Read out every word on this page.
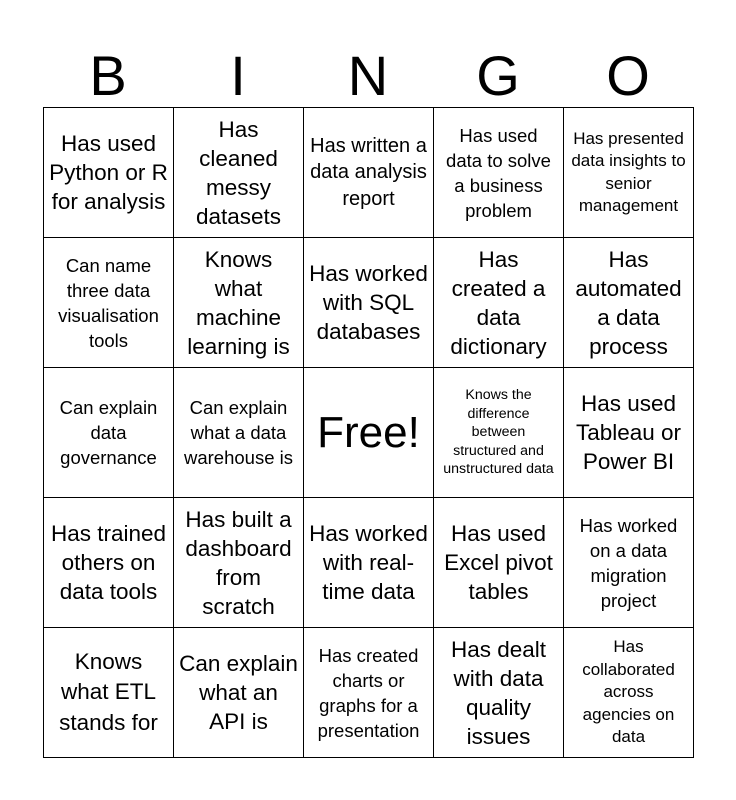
B	I	N	G	O
Has used Python or R for analysis
Has cleaned messy datasets
Has written a data analysis report
Has used data to solve a business problem
Has presented data insights to senior management
Can name three data visualisation tools
Knows what machine learning is
Has worked with SQL databases
Has created a data dictionary
Has automated a data process
Can explain data governance
Can explain what a data warehouse is
Free!
Knows the difference between structured and unstructured data
Has used Tableau or Power BI
Has trained others on data tools
Has built a dashboard from scratch
Has worked with real-time data
Has used Excel pivot tables
Has worked on a data migration project
Knows what ETL stands for
Can explain what an API is
Has created charts or graphs for a presentation
Has dealt with data quality issues
Has collaborated across agencies on data
